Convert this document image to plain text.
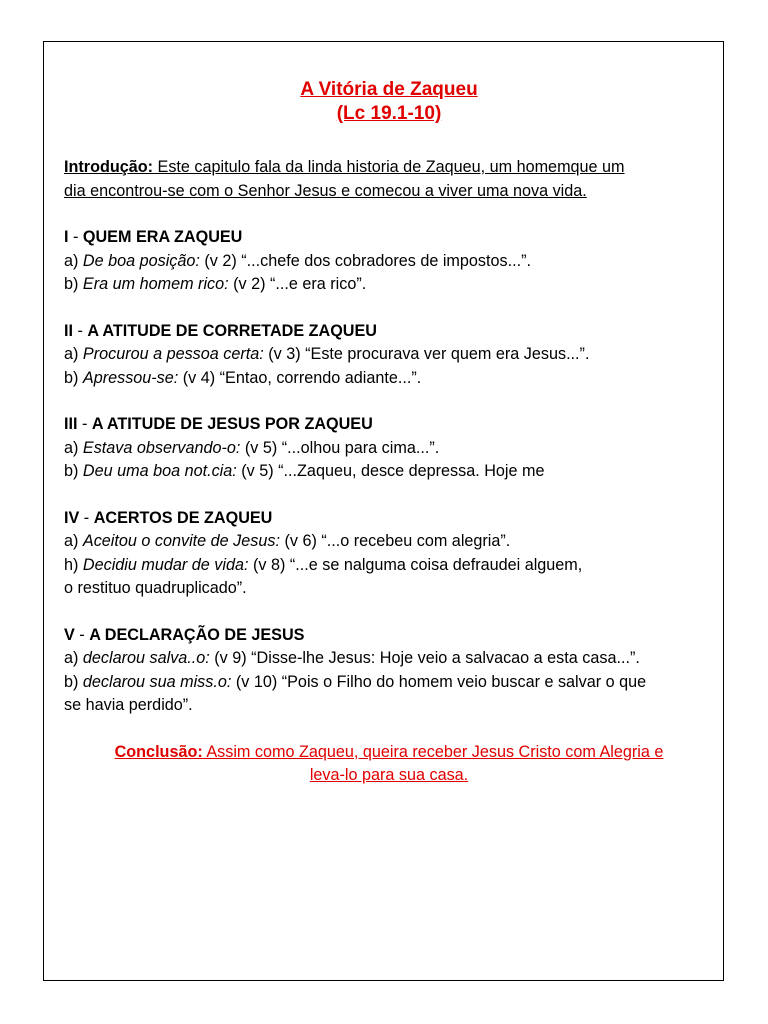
A Vitória de Zaqueu
(Lc 19.1-10)
Introdução: Este capitulo fala da linda historia de Zaqueu, um homemque um
dia encontrou-se com o Senhor Jesus e comecou a viver uma nova vida.
I - QUEM ERA ZAQUEU
a) De boa posição: (v 2) “...chefe dos cobradores de impostos...”.
b) Era um homem rico: (v 2) “...e era rico”.
II - A ATITUDE DE CORRETADE ZAQUEU
a) Procurou a pessoa certa: (v 3) “Este procurava ver quem era Jesus...”.
b) Apressou-se: (v 4) “Entao, correndo adiante...”.
III - A ATITUDE DE JESUS POR ZAQUEU
a) Estava observando-o: (v 5) “...olhou para cima...”.
b) Deu uma boa not.cia: (v 5) “...Zaqueu, desce depressa. Hoje me
IV - ACERTOS DE ZAQUEU
a) Aceitou o convite de Jesus: (v 6) “...o recebeu com alegria”.
h) Decidiu mudar de vida: (v 8) “...e se nalguma coisa defraudei alguem,
o restituo quadruplicado”.
V - A DECLARAÇÃO DE JESUS
a) declarou salva..o: (v 9) “Disse-lhe Jesus: Hoje veio a salvacao a esta casa...”.
b) declarou sua miss.o: (v 10) “Pois o Filho do homem veio buscar e salvar o que
se havia perdido”.
Conclusão: Assim como Zaqueu, queira receber Jesus Cristo com Alegria e
leva-lo para sua casa.
